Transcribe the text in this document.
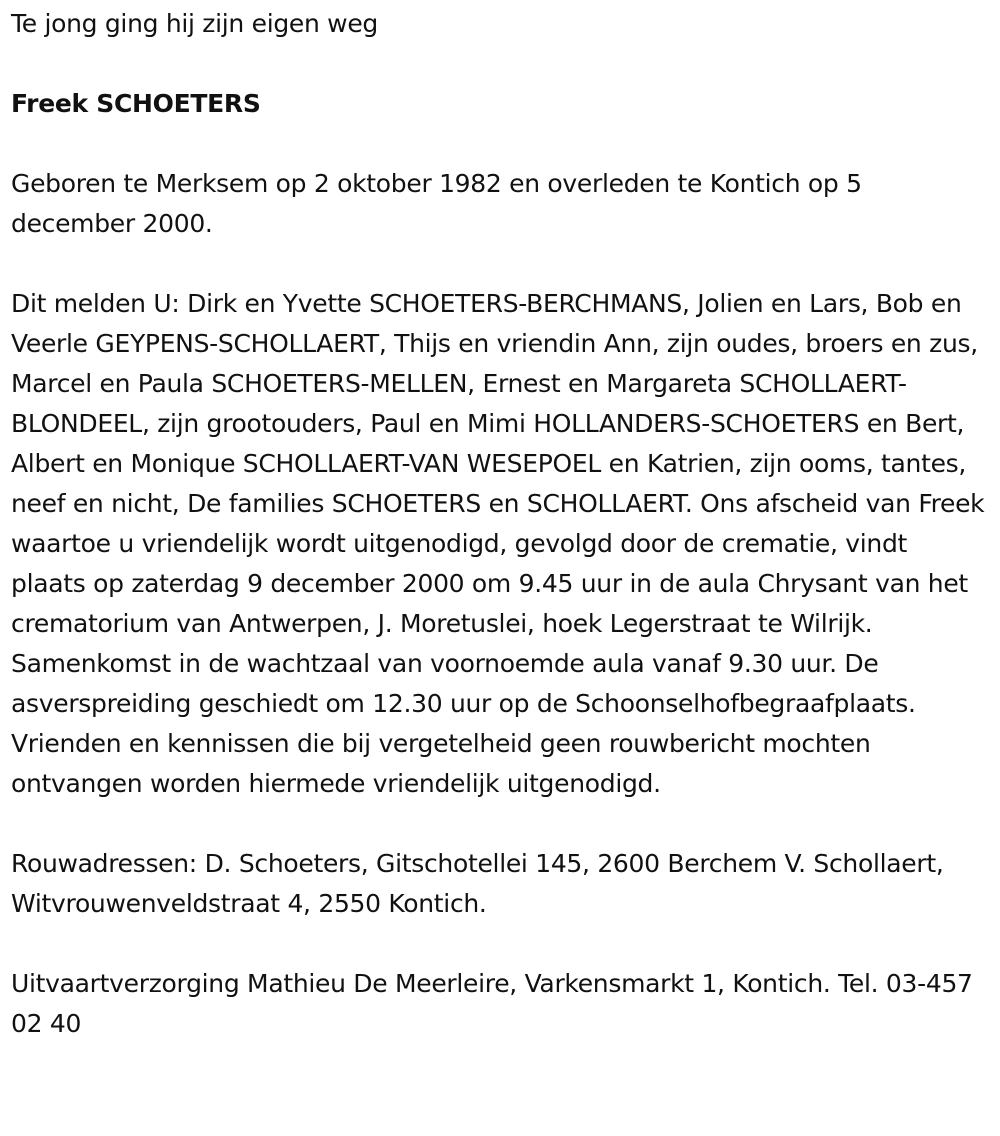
Te jong ging hij zijn eigen weg

Freek SCHOETERS

Geboren te Merksem op 2 oktober 1982 en overleden te Kontich op 5 december 2000.

Dit melden U: Dirk en Yvette SCHOETERS-BERCHMANS, Jolien en Lars, Bob en Veerle GEYPENS-SCHOLLAERT, Thijs en vriendin Ann, zijn oudes, broers en zus, Marcel en Paula SCHOETERS-MELLEN, Ernest en Margareta SCHOLLAERT-BLONDEEL, zijn grootouders, Paul en Mimi HOLLANDERS-SCHOETERS en Bert, Albert en Monique SCHOLLAERT-VAN WESEPOEL en Katrien, zijn ooms, tantes, neef en nicht, De families SCHOETERS en SCHOLLAERT. Ons afscheid van Freek waartoe u vriendelijk wordt uitgenodigd, gevolgd door de crematie, vindt plaats op zaterdag 9 december 2000 om 9.45 uur in de aula Chrysant van het crematorium van Antwerpen, J. Moretuslei, hoek Legerstraat te Wilrijk. Samenkomst in de wachtzaal van voornoemde aula vanaf 9.30 uur. De asverspreiding geschiedt om 12.30 uur op de Schoonselhofbegraafplaats. Vrienden en kennissen die bij vergetelheid geen rouwbericht mochten ontvangen worden hiermede vriendelijk uitgenodigd.

Rouwadressen: D. Schoeters, Gitschotellei 145, 2600 Berchem V. Schollaert, Witvrouwenveldstraat 4, 2550 Kontich.

Uitvaartverzorging Mathieu De Meerleire, Varkensmarkt 1, Kontich. Tel. 03-457 02 40
